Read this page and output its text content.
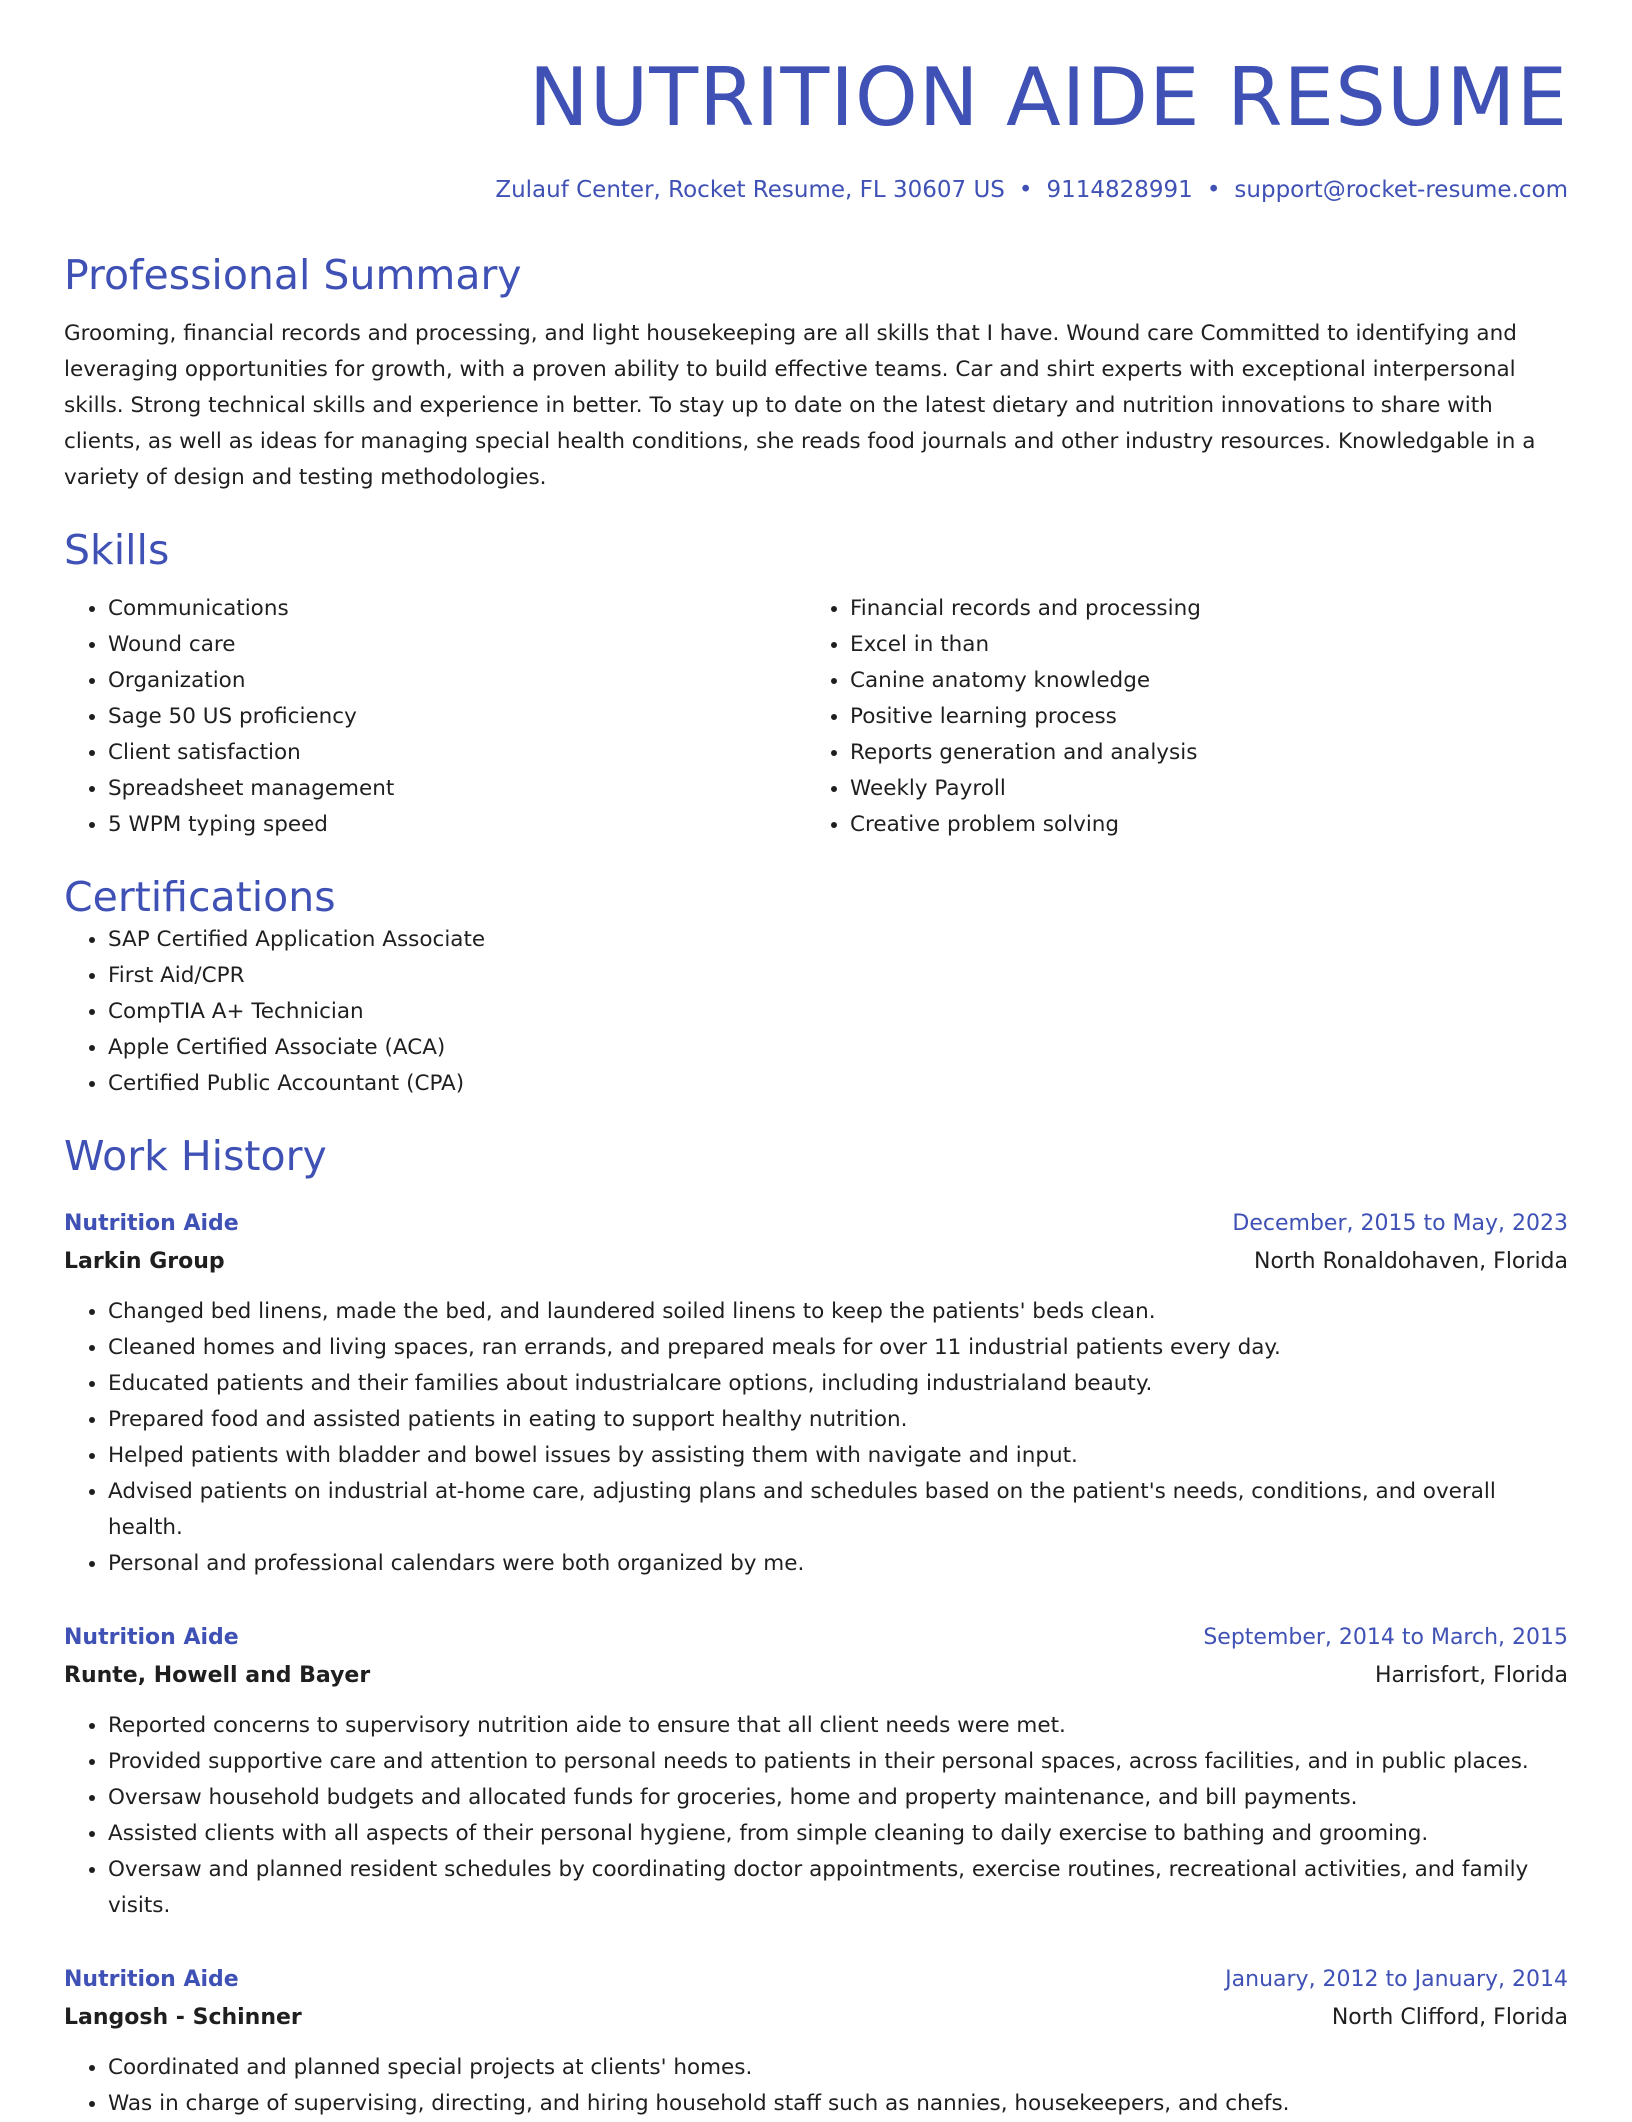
NUTRITION AIDE RESUME
Zulauf Center, Rocket Resume, FL 30607 US • 9114828991 • support@rocket-resume.com
Professional Summary
Grooming, financial records and processing, and light housekeeping are all skills that I have. Wound care Committed to identifying and leveraging opportunities for growth, with a proven ability to build effective teams. Car and shirt experts with exceptional interpersonal skills. Strong technical skills and experience in better. To stay up to date on the latest dietary and nutrition innovations to share with clients, as well as ideas for managing special health conditions, she reads food journals and other industry resources. Knowledgable in a variety of design and testing methodologies.
Skills
• Communications
• Wound care
• Organization
• Sage 50 US proficiency
• Client satisfaction
• Spreadsheet management
• 5 WPM typing speed
• Financial records and processing
• Excel in than
• Canine anatomy knowledge
• Positive learning process
• Reports generation and analysis
• Weekly Payroll
• Creative problem solving
Certifications
• SAP Certified Application Associate
• First Aid/CPR
• CompTIA A+ Technician
• Apple Certified Associate (ACA)
• Certified Public Accountant (CPA)
Work History
Nutrition Aide	December, 2015 to May, 2023
Larkin Group	North Ronaldohaven, Florida
• Changed bed linens, made the bed, and laundered soiled linens to keep the patients' beds clean.
• Cleaned homes and living spaces, ran errands, and prepared meals for over 11 industrial patients every day.
• Educated patients and their families about industrialcare options, including industrialand beauty.
• Prepared food and assisted patients in eating to support healthy nutrition.
• Helped patients with bladder and bowel issues by assisting them with navigate and input.
• Advised patients on industrial at-home care, adjusting plans and schedules based on the patient's needs, conditions, and overall health.
• Personal and professional calendars were both organized by me.
Nutrition Aide	September, 2014 to March, 2015
Runte, Howell and Bayer	Harrisfort, Florida
• Reported concerns to supervisory nutrition aide to ensure that all client needs were met.
• Provided supportive care and attention to personal needs to patients in their personal spaces, across facilities, and in public places.
• Oversaw household budgets and allocated funds for groceries, home and property maintenance, and bill payments.
• Assisted clients with all aspects of their personal hygiene, from simple cleaning to daily exercise to bathing and grooming.
• Oversaw and planned resident schedules by coordinating doctor appointments, exercise routines, recreational activities, and family visits.
Nutrition Aide	January, 2012 to January, 2014
Langosh - Schinner	North Clifford, Florida
• Coordinated and planned special projects at clients' homes.
• Was in charge of supervising, directing, and hiring household staff such as nannies, housekeepers, and chefs.
